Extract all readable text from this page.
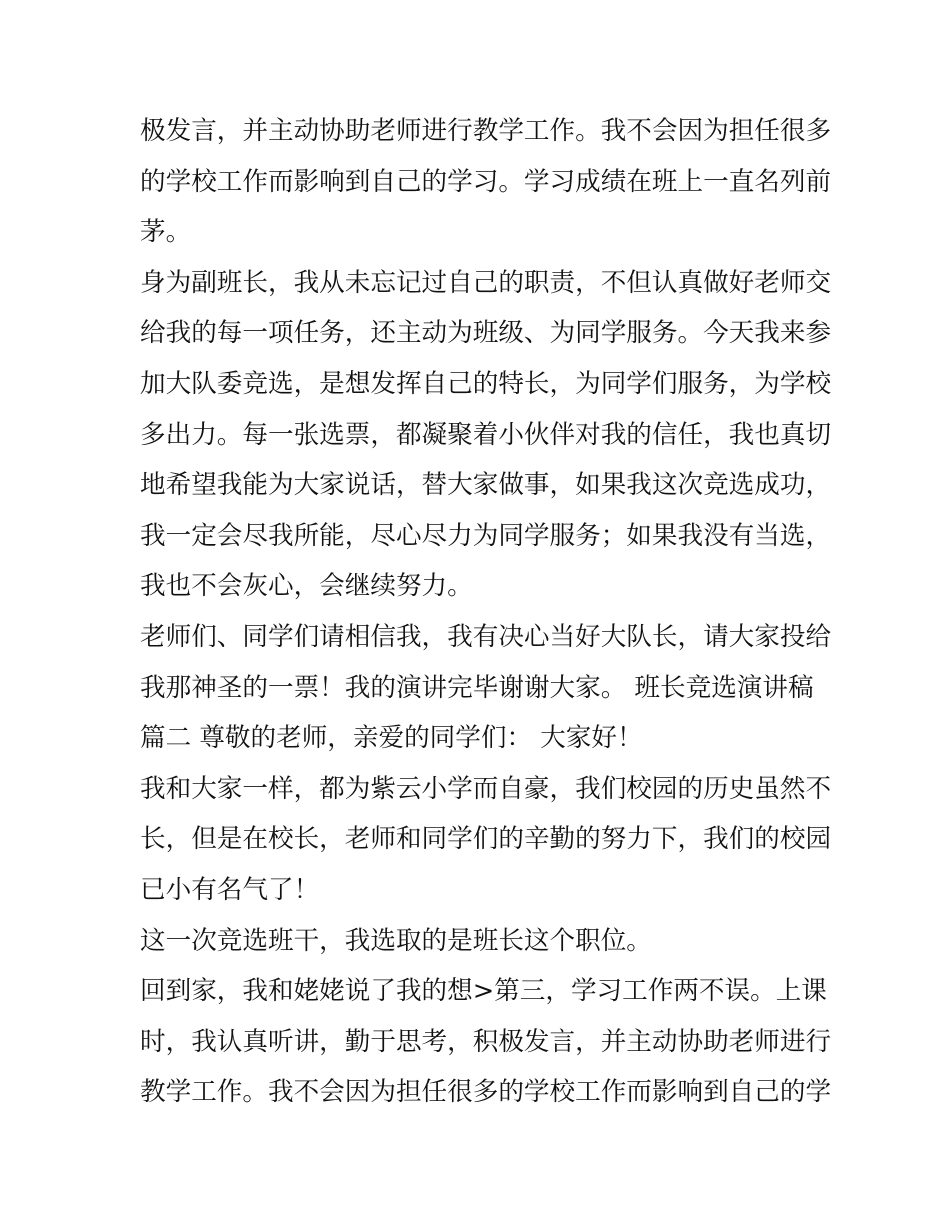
极发言，并主动协助老师进行教学工作。我不会因为担任很多

的学校工作而影响到自己的学习。学习成绩在班上一直名列前

茅。

身为副班长，我从未忘记过自己的职责，不但认真做好老师交

给我的每一项任务，还主动为班级、为同学服务。今天我来参

加大队委竞选，是想发挥自己的特长，为同学们服务，为学校

多出力。每一张选票，都凝聚着小伙伴对我的信任，我也真切

地希望我能为大家说话，替大家做事，如果我这次竞选成功，

我一定会尽我所能，尽心尽力为同学服务；如果我没有当选，

我也不会灰心，会继续努力。

老师们、同学们请相信我，我有决心当好大队长，请大家投给

我那神圣的一票！我的演讲完毕谢谢大家。 班长竞选演讲稿

篇二 尊敬的老师，亲爱的同学们： 大家好！

我和大家一样，都为紫云小学而自豪，我们校园的历史虽然不

长，但是在校长，老师和同学们的辛勤的努力下，我们的校园

已小有名气了！

这一次竞选班干，我选取的是班长这个职位。

回到家，我和姥姥说了我的想>第三，学习工作两不误。上课

时，我认真听讲，勤于思考，积极发言，并主动协助老师进行

教学工作。我不会因为担任很多的学校工作而影响到自己的学
